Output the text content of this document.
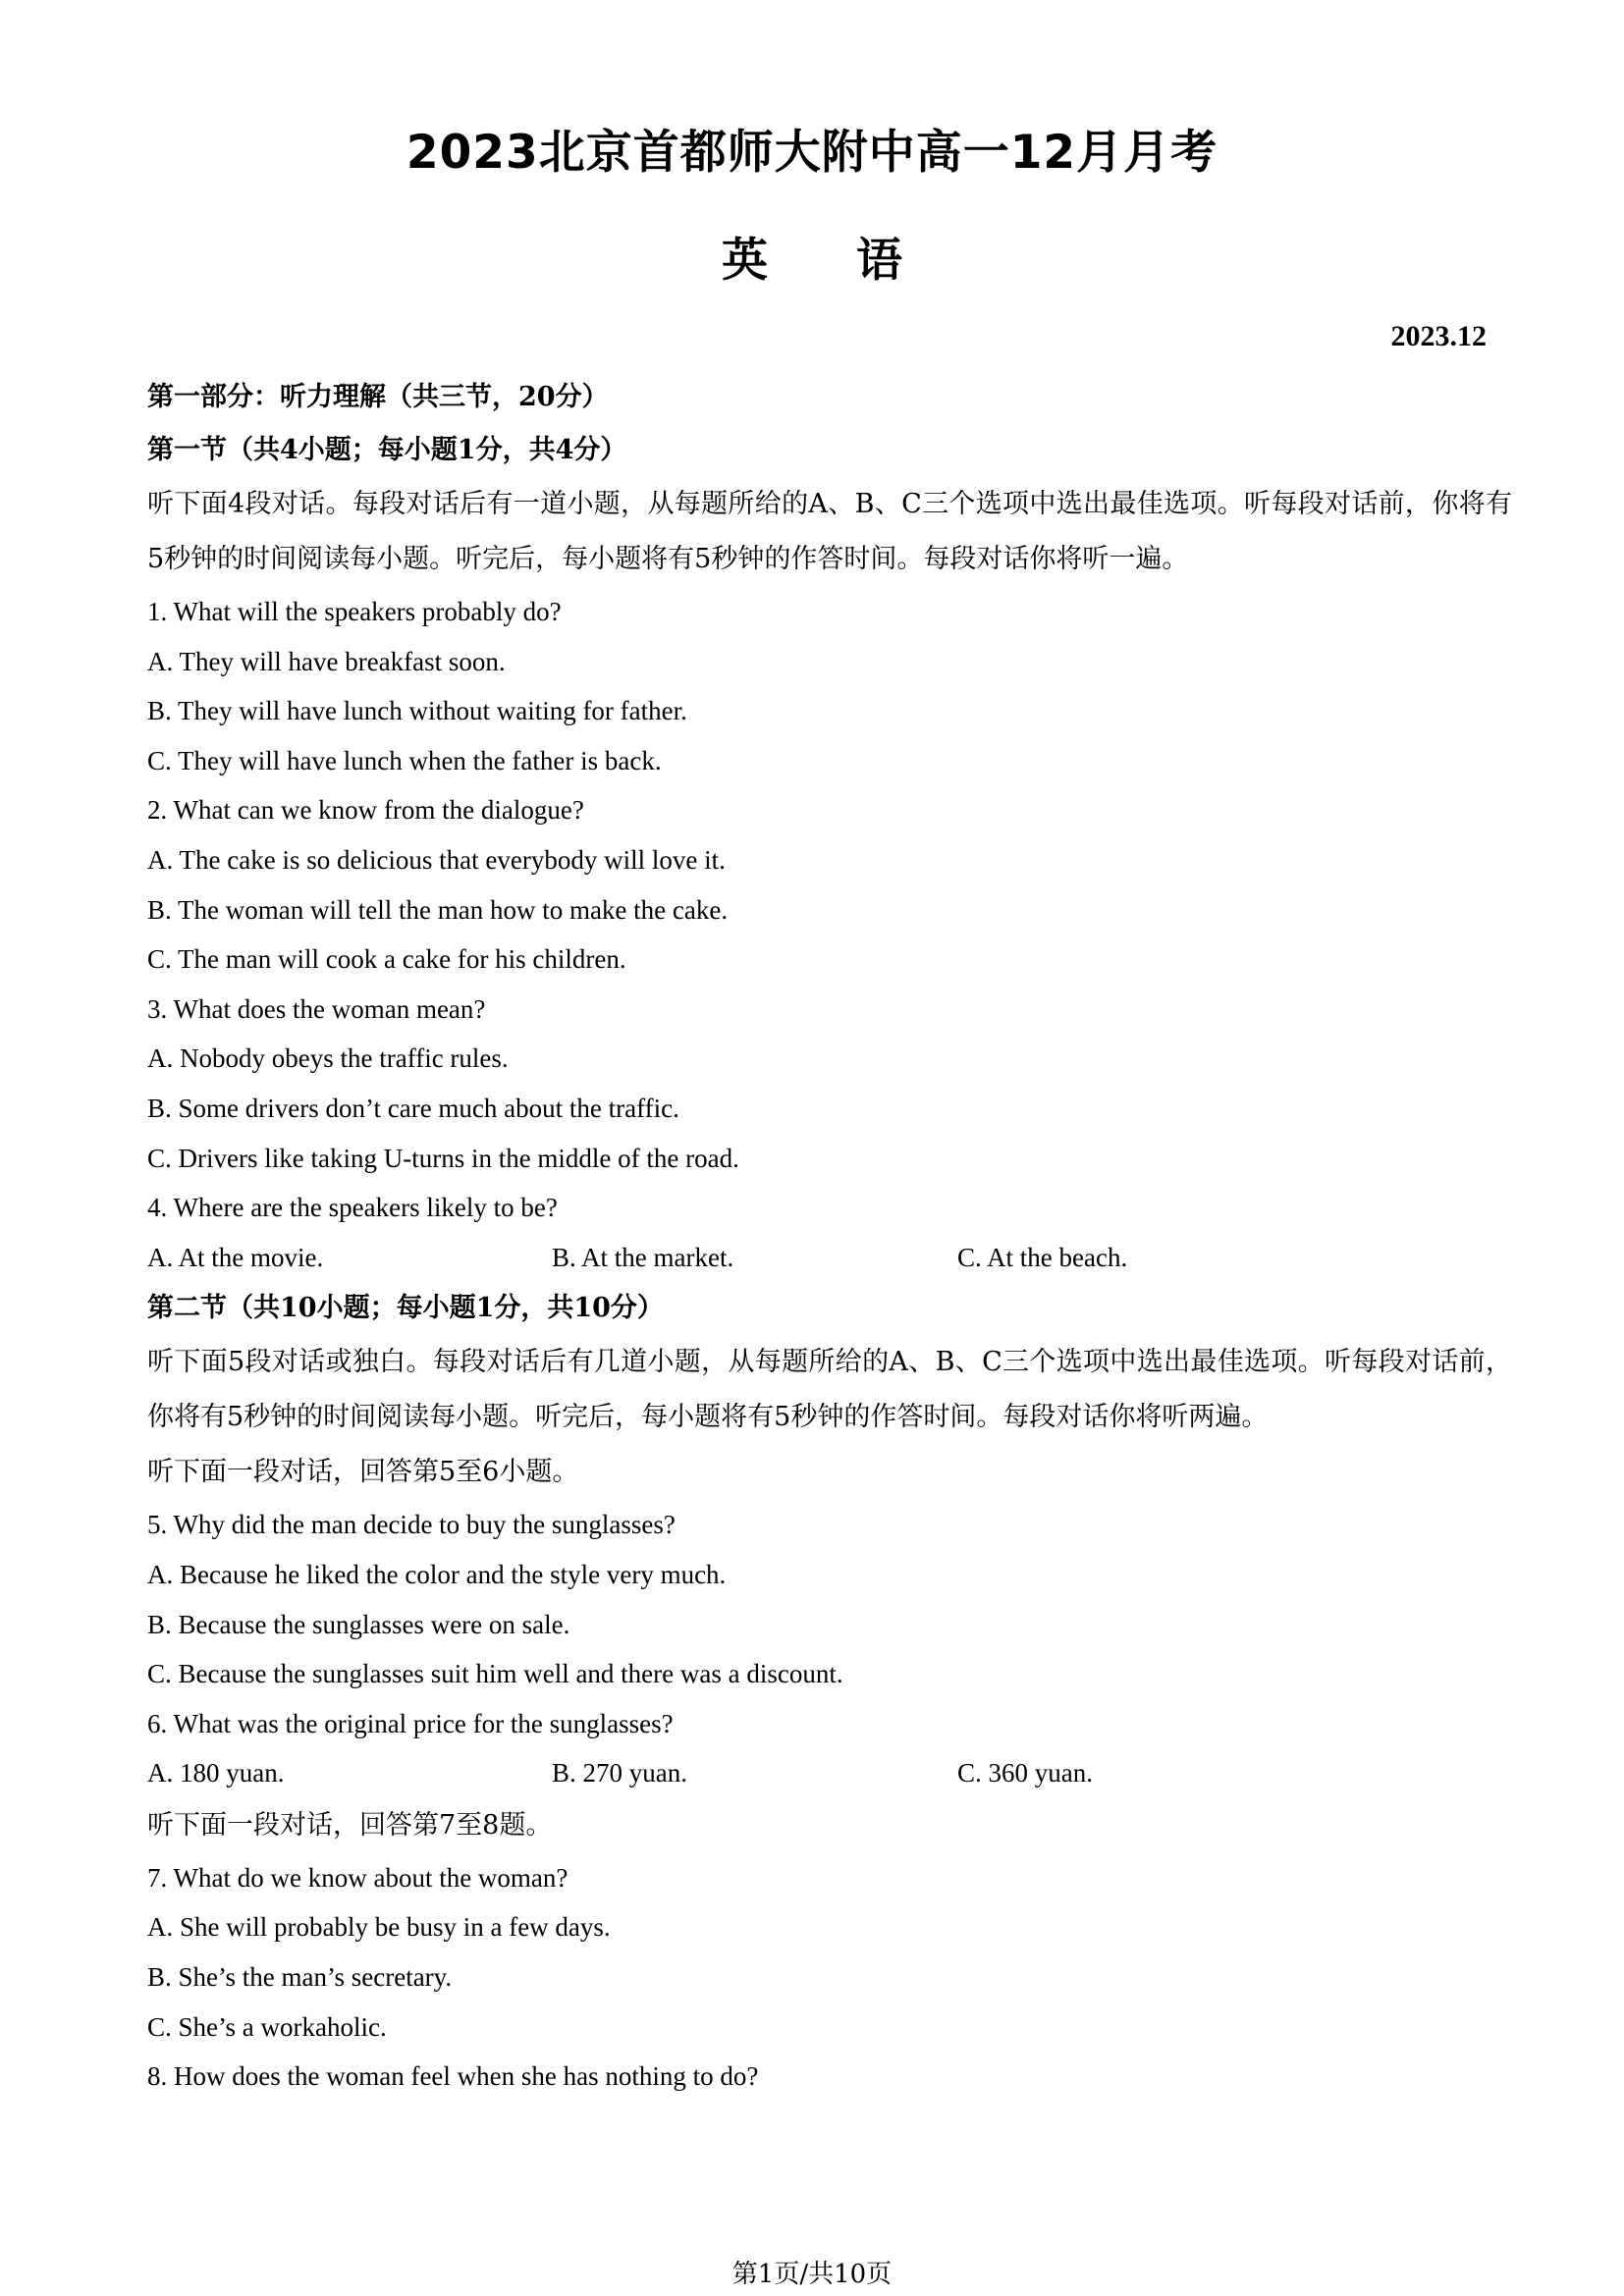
2023北京首都师大附中高一12月月考
英 语
2023.12
第一部分：听力理解（共三节，20分）
第一节（共4小题；每小题1分，共4分）
听下面4段对话。每段对话后有一道小题，从每题所给的A、B、C三个选项中选出最佳选项。听每段对话前，你将有5秒钟的时间阅读每小题。听完后，每小题将有5秒钟的作答时间。每段对话你将听一遍。
1. What will the speakers probably do?
A. They will have breakfast soon.
B. They will have lunch without waiting for father.
C. They will have lunch when the father is back.
2. What can we know from the dialogue?
A. The cake is so delicious that everybody will love it.
B. The woman will tell the man how to make the cake.
C. The man will cook a cake for his children.
3. What does the woman mean?
A. Nobody obeys the traffic rules.
B. Some drivers don’t care much about the traffic.
C. Drivers like taking U-turns in the middle of the road.
4. Where are the speakers likely to be?
A. At the movie.	B. At the market.	C. At the beach.
第二节（共10小题；每小题1分，共10分）
听下面5段对话或独白。每段对话后有几道小题，从每题所给的A、B、C三个选项中选出最佳选项。听每段对话前，你将有5秒钟的时间阅读每小题。听完后，每小题将有5秒钟的作答时间。每段对话你将听两遍。
听下面一段对话，回答第5至6小题。
5. Why did the man decide to buy the sunglasses?
A. Because he liked the color and the style very much.
B. Because the sunglasses were on sale.
C. Because the sunglasses suit him well and there was a discount.
6. What was the original price for the sunglasses?
A. 180 yuan.	B. 270 yuan.	C. 360 yuan.
听下面一段对话，回答第7至8题。
7. What do we know about the woman?
A. She will probably be busy in a few days.
B. She’s the man’s secretary.
C. She’s a workaholic.
8. How does the woman feel when she has nothing to do?
第1页/共10页
